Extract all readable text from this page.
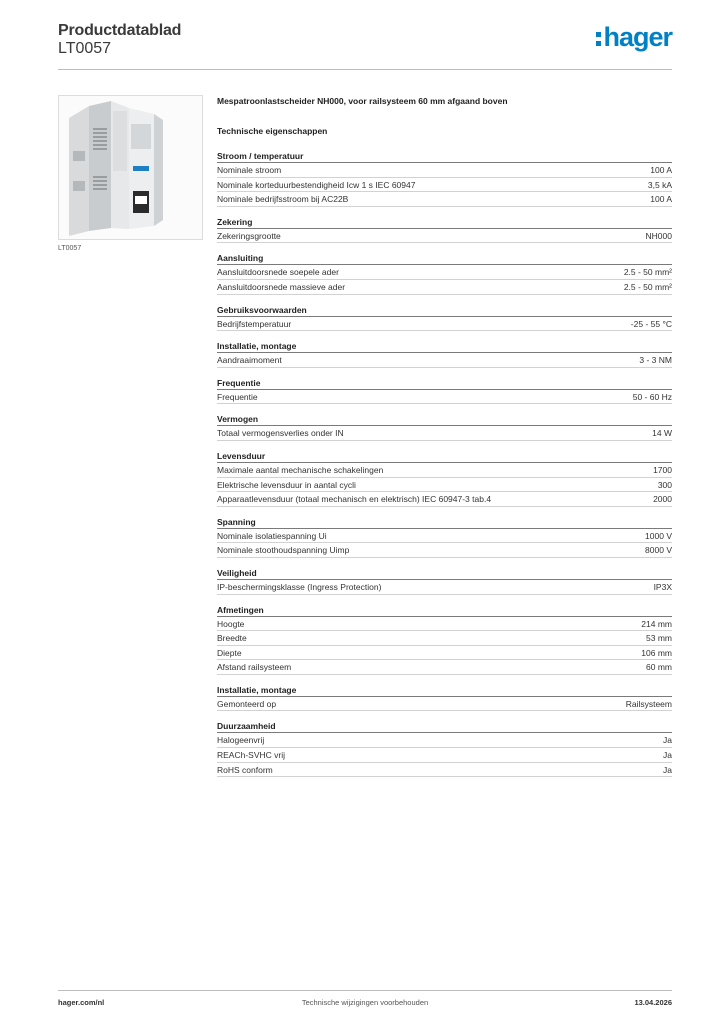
Productdatablad
LT0057	hager
LT0057
Mespatroonlastscheider NH000, voor railsysteem 60 mm afgaand boven
Technische eigenschappen
Stroom / temperatuur
Nominale stroom	100 A
Nominale korteduurbestendigheid Icw 1 s IEC 60947	3,5 kA
Nominale bedrijfsstroom bij AC22B	100 A
Zekering
Zekeringsgrootte	NH000
Aansluiting
Aansluitdoorsnede soepele ader	2.5 - 50 mm²
Aansluitdoorsnede massieve ader	2.5 - 50 mm²
Gebruiksvoorwaarden
Bedrijfstemperatuur	-25 - 55 °C
Installatie, montage
Aandraaimoment	3 - 3 NM
Frequentie
Frequentie	50 - 60 Hz
Vermogen
Totaal vermogensverlies onder IN	14 W
Levensduur
Maximale aantal mechanische schakelingen	1700
Elektrische levensduur in aantal cycli	300
Apparaatlevensduur (totaal mechanisch en elektrisch) IEC 60947-3 tab.4	2000
Spanning
Nominale isolatiespanning Ui	1000 V
Nominale stoothoudspanning Uimp	8000 V
Veiligheid
IP-beschermingsklasse (Ingress Protection)	IP3X
Afmetingen
Hoogte	214 mm
Breedte	53 mm
Diepte	106 mm
Afstand railsysteem	60 mm
Installatie, montage
Gemonteerd op	Railsysteem
Duurzaamheid
Halogeenvrij	Ja
REACh-SVHC vrij	Ja
RoHS conform	Ja
hager.com/nl	Technische wijzigingen voorbehouden	13.04.2026
